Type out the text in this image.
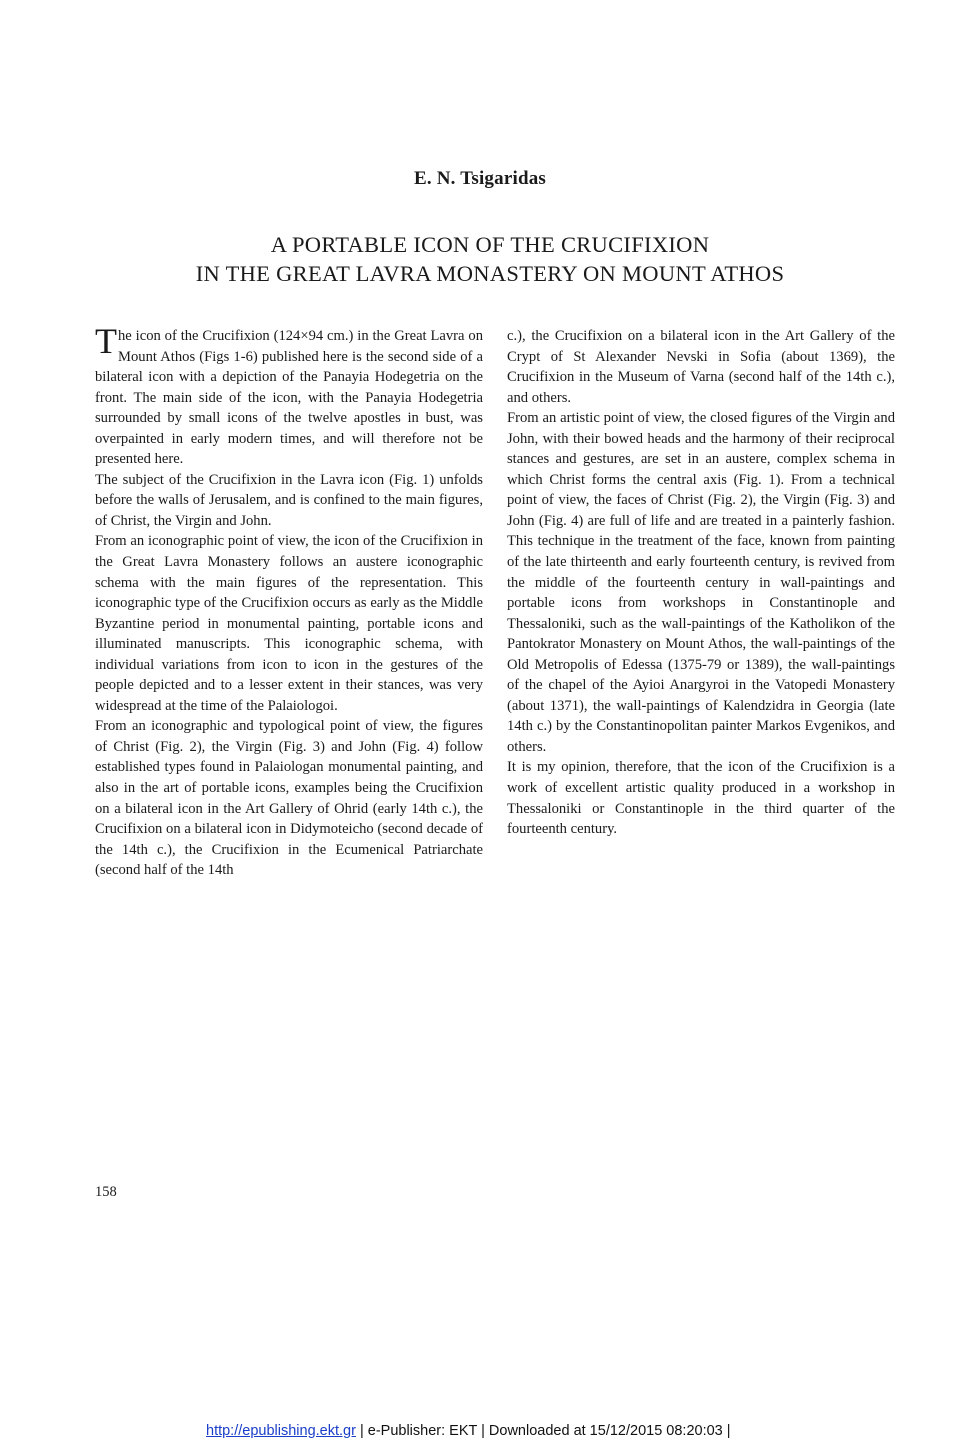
E. N. Tsigaridas
A PORTABLE ICON OF THE CRUCIFIXION
IN THE GREAT LAVRA MONASTERY ON MOUNT ATHOS

The icon of the Crucifixion (124×94 cm.) in the Great Lavra on Mount Athos (Figs 1-6) published here is the second side of a bilateral icon with a depiction of the Panayia Hodegetria on the front. The main side of the icon, with the Panayia Hodegetria surrounded by small icons of the twelve apostles in bust, was overpainted in early modern times, and will therefore not be presented here.

The subject of the Crucifixion in the Lavra icon (Fig. 1) unfolds before the walls of Jerusalem, and is confined to the main figures, of Christ, the Virgin and John.

From an iconographic point of view, the icon of the Crucifixion in the Great Lavra Monastery follows an austere iconographic schema with the main figures of the representation. This iconographic type of the Crucifixion occurs as early as the Middle Byzantine period in monumental painting, portable icons and illuminated manuscripts. This iconographic schema, with individual variations from icon to icon in the gestures of the people depicted and to a lesser extent in their stances, was very widespread at the time of the Palaiologoi.

From an iconographic and typological point of view, the figures of Christ (Fig. 2), the Virgin (Fig. 3) and John (Fig. 4) follow established types found in Palaiologan monumental painting, and also in the art of portable icons, examples being the Crucifixion on a bilateral icon in the Art Gallery of Ohrid (early 14th c.), the Crucifixion on a bilateral icon in Didymoteicho (second decade of the 14th c.), the Crucifixion in the Ecumenical Patriarchate (second half of the 14th

c.), the Crucifixion on a bilateral icon in the Art Gallery of the Crypt of St Alexander Nevski in Sofia (about 1369), the Crucifixion in the Museum of Varna (second half of the 14th c.), and others.

From an artistic point of view, the closed figures of the Virgin and John, with their bowed heads and the harmony of their reciprocal stances and gestures, are set in an austere, complex schema in which Christ forms the central axis (Fig. 1). From a technical point of view, the faces of Christ (Fig. 2), the Virgin (Fig. 3) and John (Fig. 4) are full of life and are treated in a painterly fashion. This technique in the treatment of the face, known from painting of the late thirteenth and early fourteenth century, is revived from the middle of the fourteenth century in wall-paintings and portable icons from workshops in Constantinople and Thessaloniki, such as the wall-paintings of the Katholikon of the Pantokrator Monastery on Mount Athos, the wall-paintings of the Old Metropolis of Edessa (1375-79 or 1389), the wall-paintings of the chapel of the Ayioi Anargyroi in the Vatopedi Monastery (about 1371), the wall-paintings of Kalendzidra in Georgia (late 14th c.) by the Constantinopolitan painter Markos Evgenikos, and others.

It is my opinion, therefore, that the icon of the Crucifixion is a work of excellent artistic quality produced in a workshop in Thessaloniki or Constantinople in the third quarter of the fourteenth century.

158
http://epublishing.ekt.gr | e-Publisher: EKT | Downloaded at 15/12/2015 08:20:03 |
